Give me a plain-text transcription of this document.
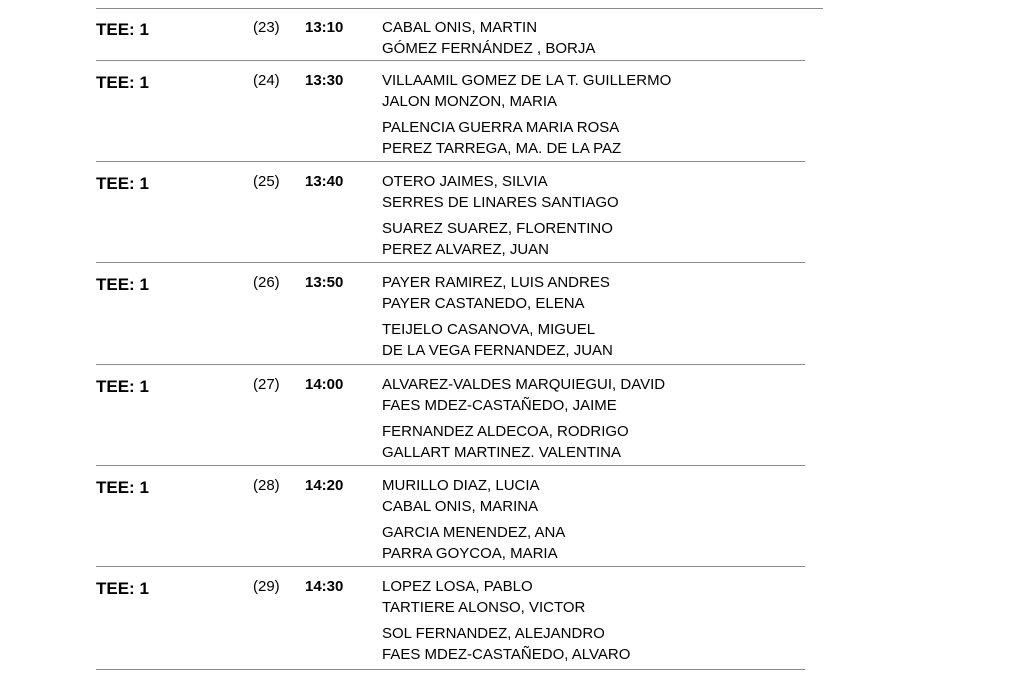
TEE: 1	(23) 13:10	CABAL ONIS, MARTIN
GÓMEZ FERNÁNDEZ , BORJA
TEE: 1	(24) 13:30	VILLAAMIL GOMEZ DE LA T. GUILLERMO
JALON MONZON, MARIA
PALENCIA GUERRA MARIA ROSA
PEREZ TARREGA, MA. DE LA PAZ
TEE: 1	(25) 13:40	OTERO JAIMES, SILVIA
SERRES DE LINARES SANTIAGO
SUAREZ SUAREZ, FLORENTINO
PEREZ ALVAREZ, JUAN
TEE: 1	(26) 13:50	PAYER RAMIREZ, LUIS ANDRES
PAYER CASTANEDO, ELENA
TEIJELO CASANOVA, MIGUEL
DE LA VEGA FERNANDEZ, JUAN
TEE: 1	(27) 14:00	ALVAREZ-VALDES MARQUIEGUI, DAVID
FAES MDEZ-CASTAÑEDO, JAIME
FERNANDEZ ALDECOA, RODRIGO
GALLART MARTINEZ. VALENTINA
TEE: 1	(28) 14:20	MURILLO DIAZ, LUCIA
CABAL ONIS, MARINA
GARCIA MENENDEZ, ANA
PARRA GOYCOA, MARIA
TEE: 1	(29) 14:30	LOPEZ LOSA, PABLO
TARTIERE ALONSO, VICTOR
SOL FERNANDEZ, ALEJANDRO
FAES MDEZ-CASTAÑEDO, ALVARO
